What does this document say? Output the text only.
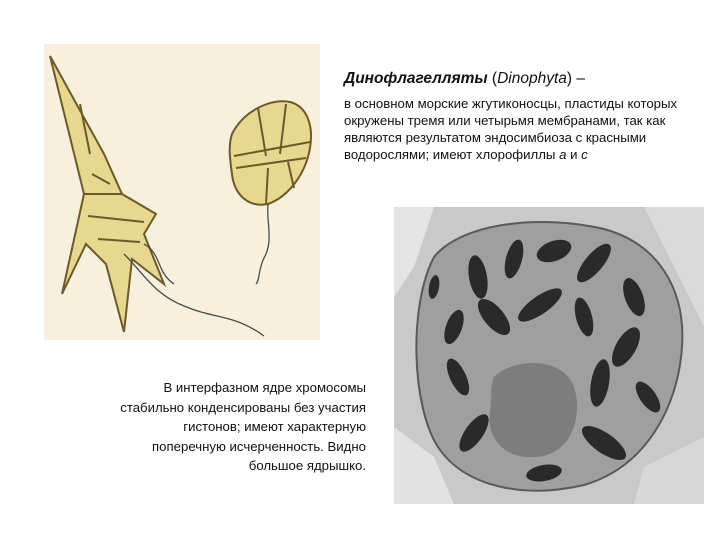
Динофлагелляты (Dinophyta) –
в основном морские жгутиконосцы, пластиды которых окружены тремя или четырьмя мембранами, так как являются результатом эндосимбиоза с красными водорослями; имеют хлорофиллы a и c
В интерфазном ядре хромосомы
стабильно конденсированы без участия
гистонов; имеют характерную
поперечную исчерченность. Видно
большое ядрышко.
